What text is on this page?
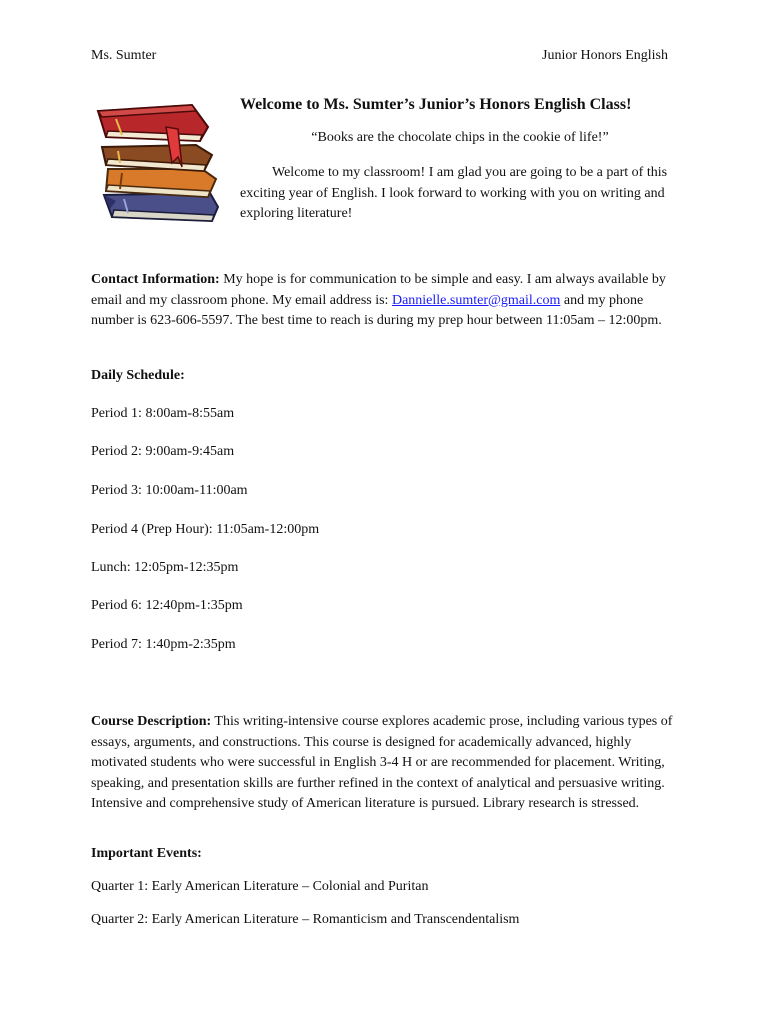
Ms. Sumter	Junior Honors English
Welcome to Ms. Sumter’s Junior’s Honors English Class!

“Books are the chocolate chips in the cookie of life!”

Welcome to my classroom! I am glad you are going to be a part of this exciting year of English. I look forward to working with you on writing and exploring literature!

Contact Information: My hope is for communication to be simple and easy. I am always available by email and my classroom phone. My email address is: Dannielle.sumter@gmail.com and my phone number is 623-606-5597. The best time to reach is during my prep hour between 11:05am – 12:00pm.

Daily Schedule:

Period 1: 8:00am-8:55am

Period 2: 9:00am-9:45am

Period 3: 10:00am-11:00am

Period 4 (Prep Hour): 11:05am-12:00pm

Lunch: 12:05pm-12:35pm

Period 6: 12:40pm-1:35pm

Period 7: 1:40pm-2:35pm

Course Description: This writing-intensive course explores academic prose, including various types of essays, arguments, and constructions. This course is designed for academically advanced, highly motivated students who were successful in English 3-4 H or are recommended for placement. Writing, speaking, and presentation skills are further refined in the context of analytical and persuasive writing. Intensive and comprehensive study of American literature is pursued. Library research is stressed.

Important Events:

Quarter 1: Early American Literature – Colonial and Puritan

Quarter 2: Early American Literature – Romanticism and Transcendentalism
